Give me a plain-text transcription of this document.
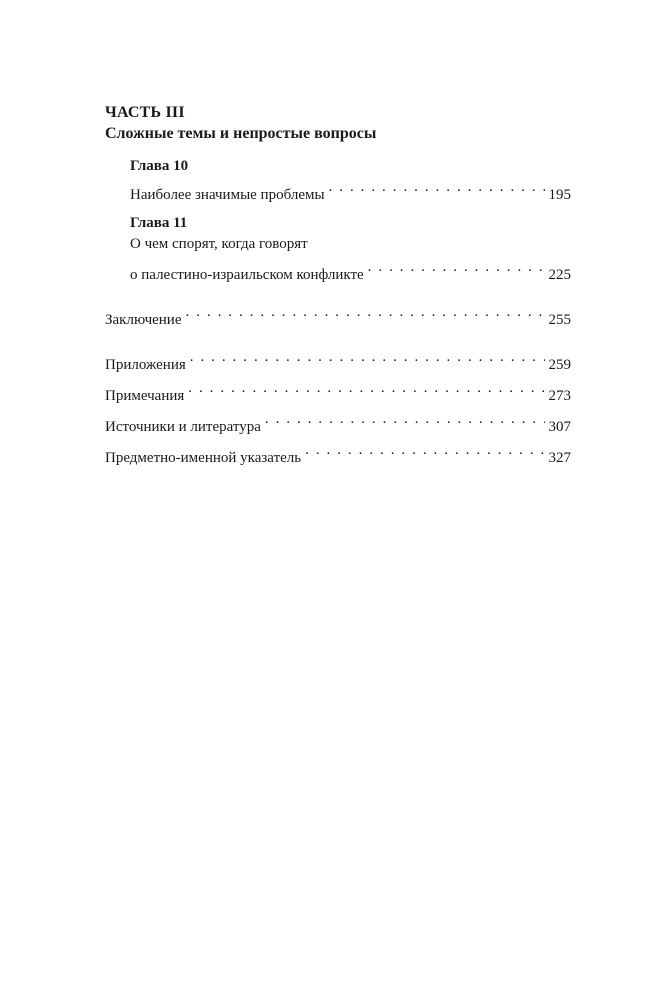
ЧАСТЬ III
Сложные темы и непростые вопросы
Глава 10
Наиболее значимые проблемы . . .	195
Глава 11
О чем спорят, когда говорят
о палестино-израильском конфликте . . .	225
Заключение . . .	255
Приложения . . .	259
Примечания . . .	273
Источники и литература . . .	307
Предметно-именной указатель . . .	327
